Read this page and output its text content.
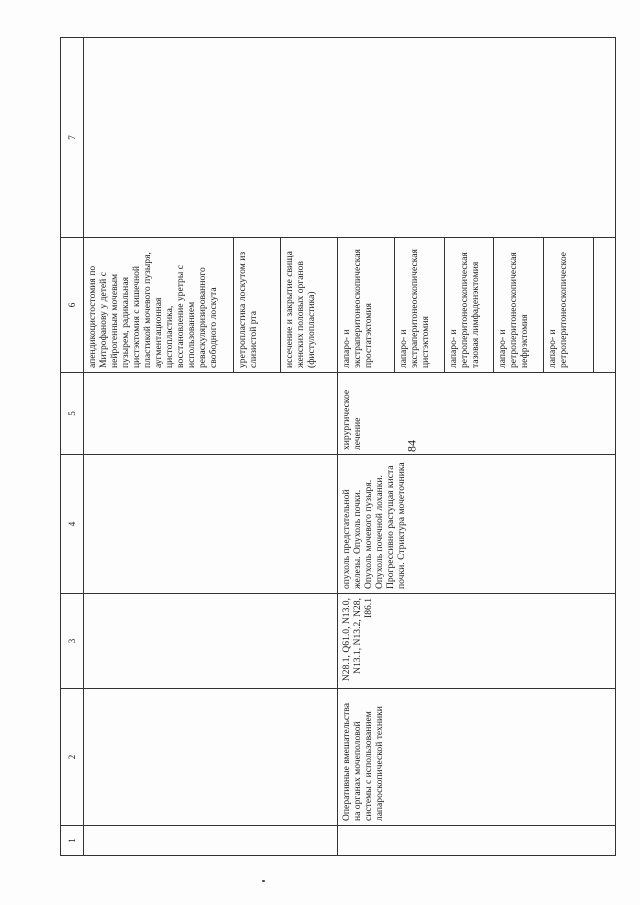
84
1	2	3	4	5	6	7

					апендикоцистостомия по Митрофанову у детей с нейрогенным мочевым пузырем, радикальная цистэктомия с кишечной пластикой мочевого пузыря, аугментационная цистопластика, восстановление уретры с использованием реваскуляризированного свободного лоскута	

					уретропластика лоскутом из слизистой рта	

					иссечение и закрытие свища женских половых органов (фистулопластика)	

	Оперативные вмешательства на органах мочеполовой системы с использованием лапароскопической техники	N28.1, Q61.0, N13.0, N13.1, N13.2, N28, I86.1	опухоль предстательной железы. Опухоль почки. Опухоль мочевого пузыря. Опухоль почечной лоханки. Прогрессивно растущая киста почки. Стриктура мочеточника	хирургическое лечение	лапаро- и экстраперитонеоскопическая простатэктомия	

					лапаро- и экстраперитонеоскопическая цистэктомия	

					лапаро- и ретроперитонеоскопическая тазовая лимфаденэктомия	

					лапаро- и ретроперитонеоскопическая нефрэктомия	

					лапаро- и ретроперитонеоскопическое	
